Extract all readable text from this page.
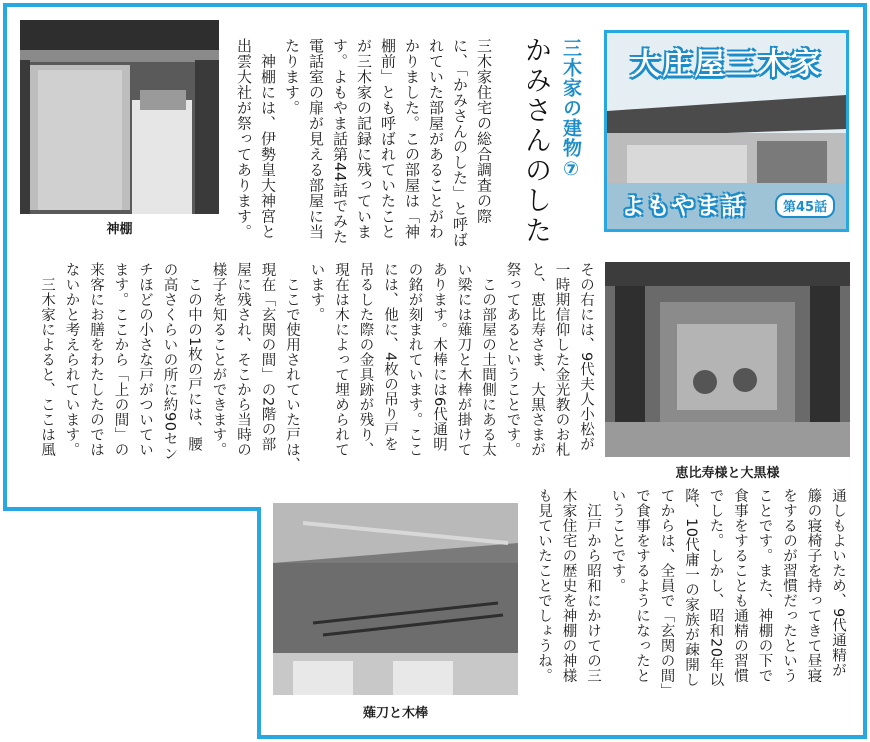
神棚
大庄屋三木家
よもやま話	第45話
三木家の建物⑦
かみさんのした
三木家住宅の総合調査の際
に、「かみさんのした」と呼ば
れていた部屋があることがわ
かりました。この部屋は「神
棚前」とも呼ばれていたこと
が三木家の記録に残っていま
す。よもやま話第44話でみた
電話室の扉が見える部屋に当
たります。
　神棚には、伊勢皇大神宮と
出雲大社が祭ってあります。
その右には、9代夫人小松が
一時期信仰した金光教のお札
と、恵比寿さま、大黒さまが
祭ってあるということです。
　この部屋の土間側にある太
い梁には薙刀と木棒が掛けて
あります。木棒には6代通明
の銘が刻まれています。ここ
には、他に、4枚の吊り戸を
吊るした際の金具跡が残り、
現在は木によって埋められて
います。
　ここで使用されていた戸は、
現在「玄関の間」の2階の部
屋に残され、そこから当時の
様子を知ることができます。
　この中の1枚の戸には、腰
の高さくらいの所に約90セン
チほどの小さな戸がついてい
ます。ここから「上の間」の
来客にお膳をわたしたのでは
ないかと考えられています。
　三木家によると、ここは風
恵比寿様と大黒様
通しもよいため、9代通精が
籐の寝椅子を持ってきて昼寝
をするのが習慣だったという
ことです。また、神棚の下で
食事をすることも通精の習慣
でした。しかし、昭和20年以
降、10代庸一の家族が疎開し
てからは、全員で「玄関の間」
で食事をするようになったと
いうことです。
　江戸から昭和にかけての三
木家住宅の歴史を神棚の神様
も見ていたことでしょうね。
薙刀と木棒
